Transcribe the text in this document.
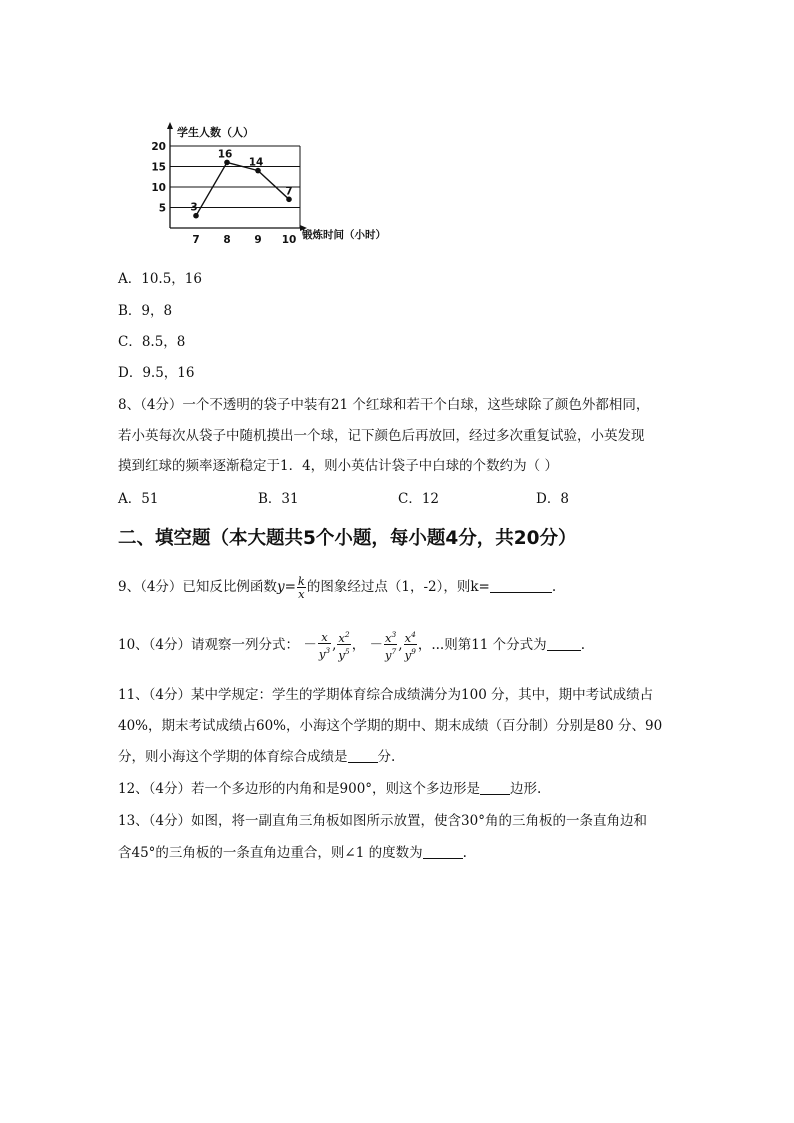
学生人数（人）
锻炼时间（小时）
5
10
15
20
7 8 9 10
3
16
14
7
A．10.5，16
B．9，8
C．8.5，8
D．9.5，16
8、（4分）一个不透明的袋子中装有21 个红球和若干个白球，这些球除了颜色外都相同，
若小英每次从袋子中随机摸出一个球，记下颜色后再放回，经过多次重复试验，小英发现
摸到红球的频率逐渐稳定于1．4，则小英估计袋子中白球的个数约为（ ）
A．51	B．31	C．12	D．8
二、填空题（本大题共5个小题，每小题4分，共20分）
9、（4分）已知反比例函数$y= \frac{k}{x}$ 的图象经过点（1，-2），则k=	.
10、（4分）请观察一列分式： － $\frac{x}{y^3}$ , $\frac{x^2}{y^5}$ ， － $\frac{x^3}{y^7}$ , $\frac{x^4}{y^9}$ ，...则第11 个分式为	.
11、（4分）某中学规定：学生的学期体育综合成绩满分为100 分，其中，期中考试成绩占
40%，期末考试成绩占60%，小海这个学期的期中、期末成绩（百分制）分别是80 分、90
分，则小海这个学期的体育综合成绩是 分.
12、（4分）若一个多边形的内角和是900°，则这个多边形是 边形.
13、（4分）如图，将一副直角三角板如图所示放置，使含30°角的三角板的一条直角边和
含45°的三角板的一条直角边重合，则∠1 的度数为	.
